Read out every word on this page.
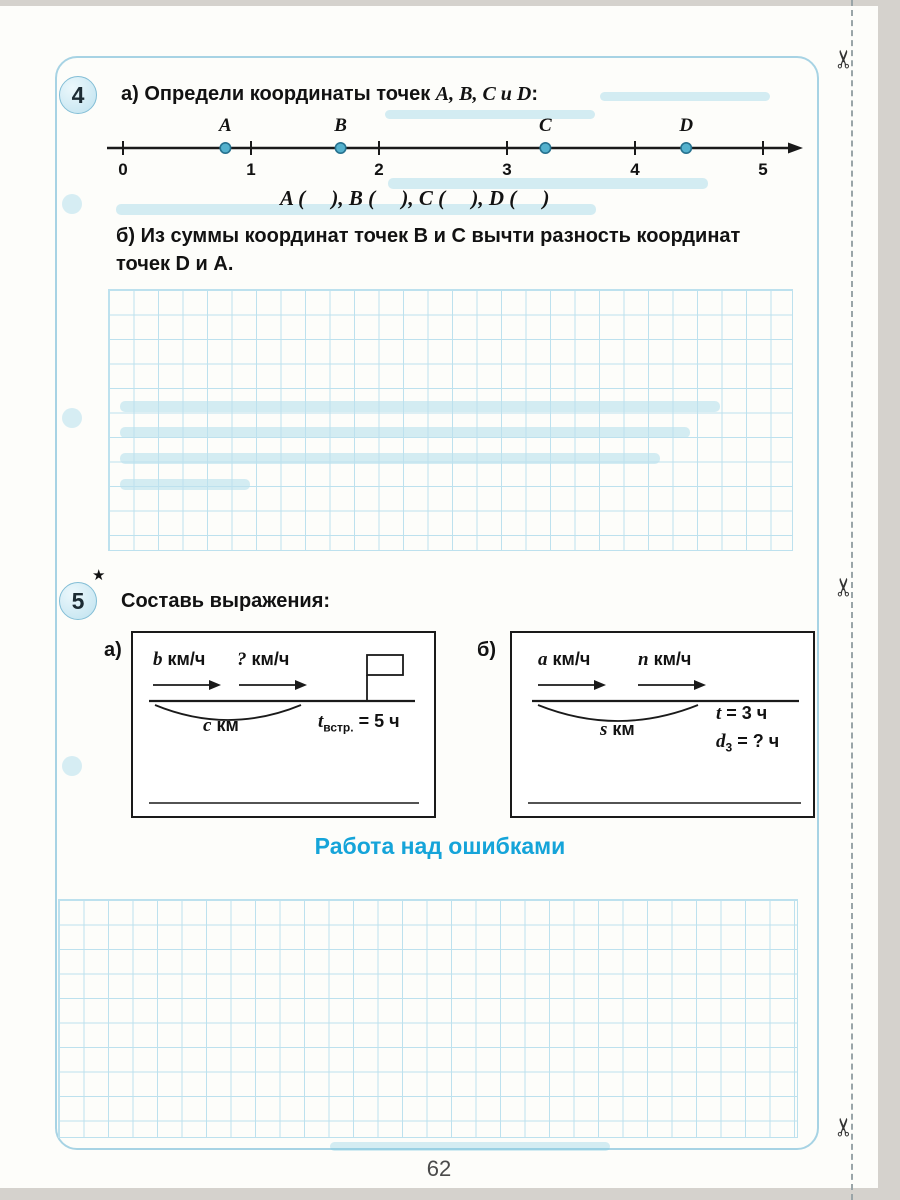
4 а) Определи координаты точек A, B, C и D:
0	1	2	3	4	5
A	B	C	D
A (     ), B (     ), C (     ), D (     )
б) Из суммы координат точек B и C вычти разность координат
точек D и A.
5
★
Составь выражения:
а) b км/ч ? км/ч
c км	$t_{встр.} = 5$ ч
б) a км/ч	n км/ч
s км
t = 3 ч
$d_3$ = ? ч
Работа над ошибками
62
✂
✂
✂
